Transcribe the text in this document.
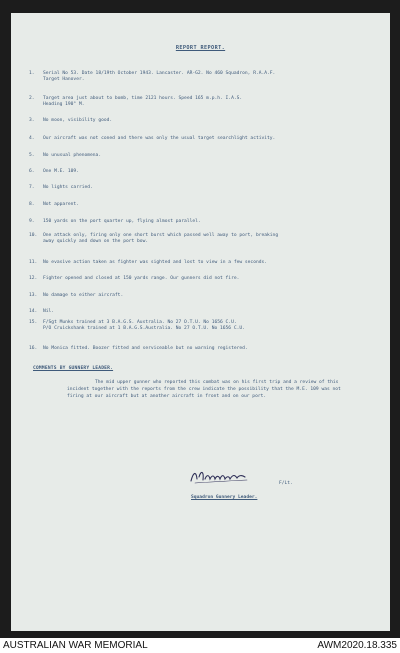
REPORT REPORT.
1.	Serial No 53. Date 18/19th October 1943. Lancaster. AR-G2. No 460 Squadron, R.A.A.F.
Target Hanover.
2.	Target area just about to bomb, time 2121 hours. Speed 165 m.p.h. I.A.S.
Heading 190° M.
3.	No moon, visibility good.
4.	Our aircraft was not coned and there was only the usual target searchlight activity.
5.	No unusual phenomena.
6.	One M.E. 109.
7.	No lights carried.
8.	Not apparent.
9.	150 yards on the port quarter up, flying almost parallel.
10.	One attack only, firing only one short burst which passed well away to port, breaking
away quickly and down on the port bow.
11.	No evasive action taken as fighter was sighted and lost to view in a few seconds.
12.	Fighter opened and closed at 150 yards range. Our gunners did not fire.
13.	No damage to either aircraft.
14.	Nil.
15.	F/Sgt Munks trained at 3 B.A.G.S. Australia. No 27 O.T.U. No 1656 C.U.
P/O Cruickshank trained at 1 B.A.G.S.Australia. No 27 O.T.U. No 1656 C.U.
16.	No Monica fitted. Boozer fitted and serviceable but no warning registered.
COMMENTS BY GUNNERY LEADER.
The mid upper gunner who reported this combat was on his first trip and a review of this incident together with the reports from the crew indicate the possibility that the M.E. 109 was not firing at our aircraft but at another aircraft in front and on our port.
F/Lt.
Squadron Gunnery Leader.
AUSTRALIAN WAR MEMORIAL	AWM2020.18.335
